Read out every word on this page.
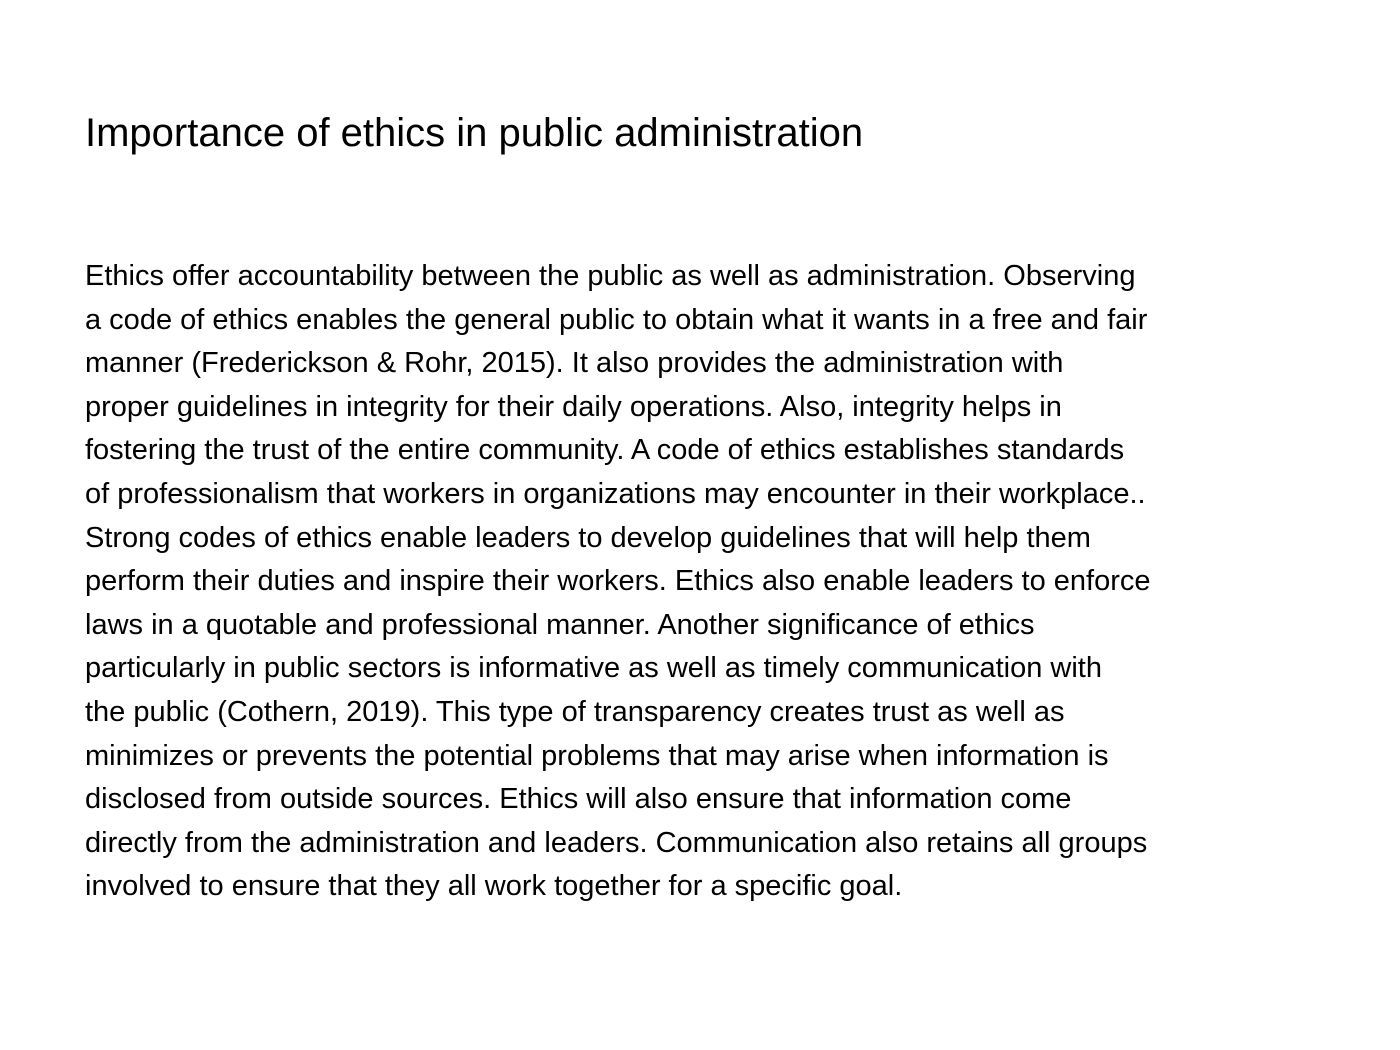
Importance of ethics in public administration
Ethics offer accountability between the public as well as administration. Observing
a code of ethics enables the general public to obtain what it wants in a free and fair
manner (Frederickson & Rohr, 2015). It also provides the administration with
proper guidelines in integrity for their daily operations. Also, integrity helps in
fostering the trust of the entire community. A code of ethics establishes standards
of professionalism that workers in organizations may encounter in their workplace..
Strong codes of ethics enable leaders to develop guidelines that will help them
perform their duties and inspire their workers. Ethics also enable leaders to enforce
laws in a quotable and professional manner. Another significance of ethics
particularly in public sectors is informative as well as timely communication with
the public (Cothern, 2019). This type of transparency creates trust as well as
minimizes or prevents the potential problems that may arise when information is
disclosed from outside sources. Ethics will also ensure that information come
directly from the administration and leaders. Communication also retains all groups
involved to ensure that they all work together for a specific goal.
